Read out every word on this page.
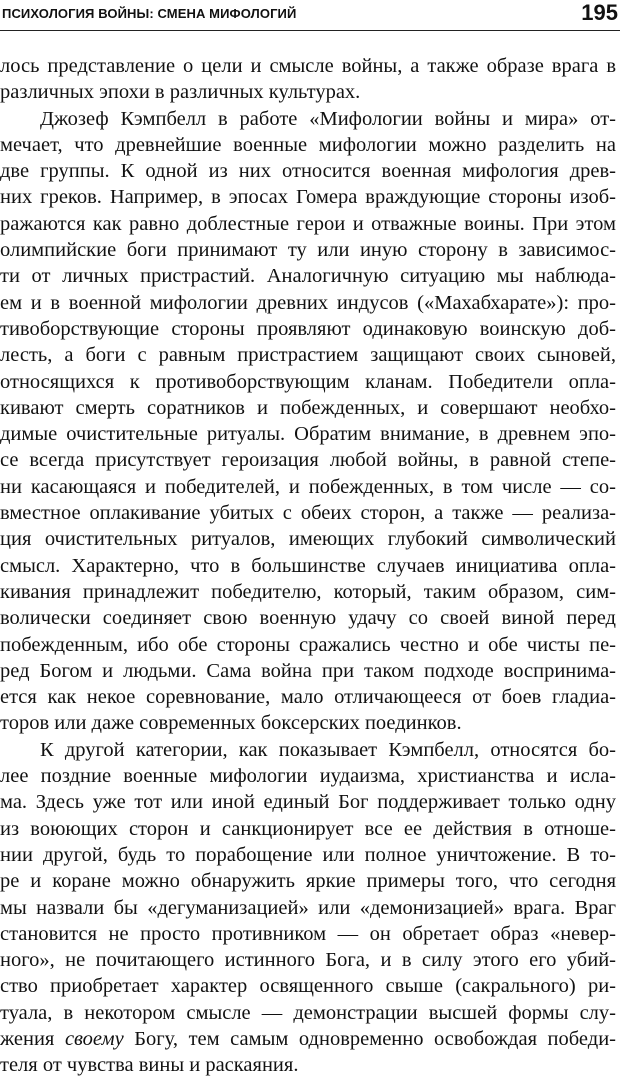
ПСИХОЛОГИЯ ВОЙНЫ: СМЕНА МИФОЛОГИЙ	195
лось представление о цели и смысле войны, а также образе врага в
различных эпохи в различных культурах.
Джозеф Кэмпбелл в работе «Мифологии войны и мира» от-
мечает, что древнейшие военные мифологии можно разделить на
две группы. К одной из них относится военная мифология древ-
них греков. Например, в эпосах Гомера враждующие стороны изоб-
ражаются как равно доблестные герои и отважные воины. При этом
олимпийские боги принимают ту или иную сторону в зависимос-
ти от личных пристрастий. Аналогичную ситуацию мы наблюда-
ем и в военной мифологии древних индусов («Махабхарате»): про-
тивоборствующие стороны проявляют одинаковую воинскую доб-
лесть, а боги с равным пристрастием защищают своих сыновей,
относящихся к противоборствующим кланам. Победители опла-
кивают смерть соратников и побежденных, и совершают необхо-
димые очистительные ритуалы. Обратим внимание, в древнем эпо-
се всегда присутствует героизация любой войны, в равной степе-
ни касающаяся и победителей, и побежденных, в том числе — со-
вместное оплакивание убитых с обеих сторон, а также — реализа-
ция очистительных ритуалов, имеющих глубокий символический
смысл. Характерно, что в большинстве случаев инициатива опла-
кивания принадлежит победителю, который, таким образом, сим-
волически соединяет свою военную удачу со своей виной перед
побежденным, ибо обе стороны сражались честно и обе чисты пе-
ред Богом и людьми. Сама война при таком подходе воспринима-
ется как некое соревнование, мало отличающееся от боев гладиа-
торов или даже современных боксерских поединков.
К другой категории, как показывает Кэмпбелл, относятся бо-
лее поздние военные мифологии иудаизма, христианства и исла-
ма. Здесь уже тот или иной единый Бог поддерживает только одну
из воюющих сторон и санкционирует все ее действия в отноше-
нии другой, будь то порабощение или полное уничтожение. В то-
ре и коране можно обнаружить яркие примеры того, что сегодня
мы назвали бы «дегуманизацией» или «демонизацией» врага. Враг
становится не просто противником — он обретает образ «невер-
ного», не почитающего истинного Бога, и в силу этого его убий-
ство приобретает характер освященного свыше (сакрального) ри-
туала, в некотором смысле — демонстрации высшей формы слу-
жения своему Богу, тем самым одновременно освобождая победи-
теля от чувства вины и раскаяния.
